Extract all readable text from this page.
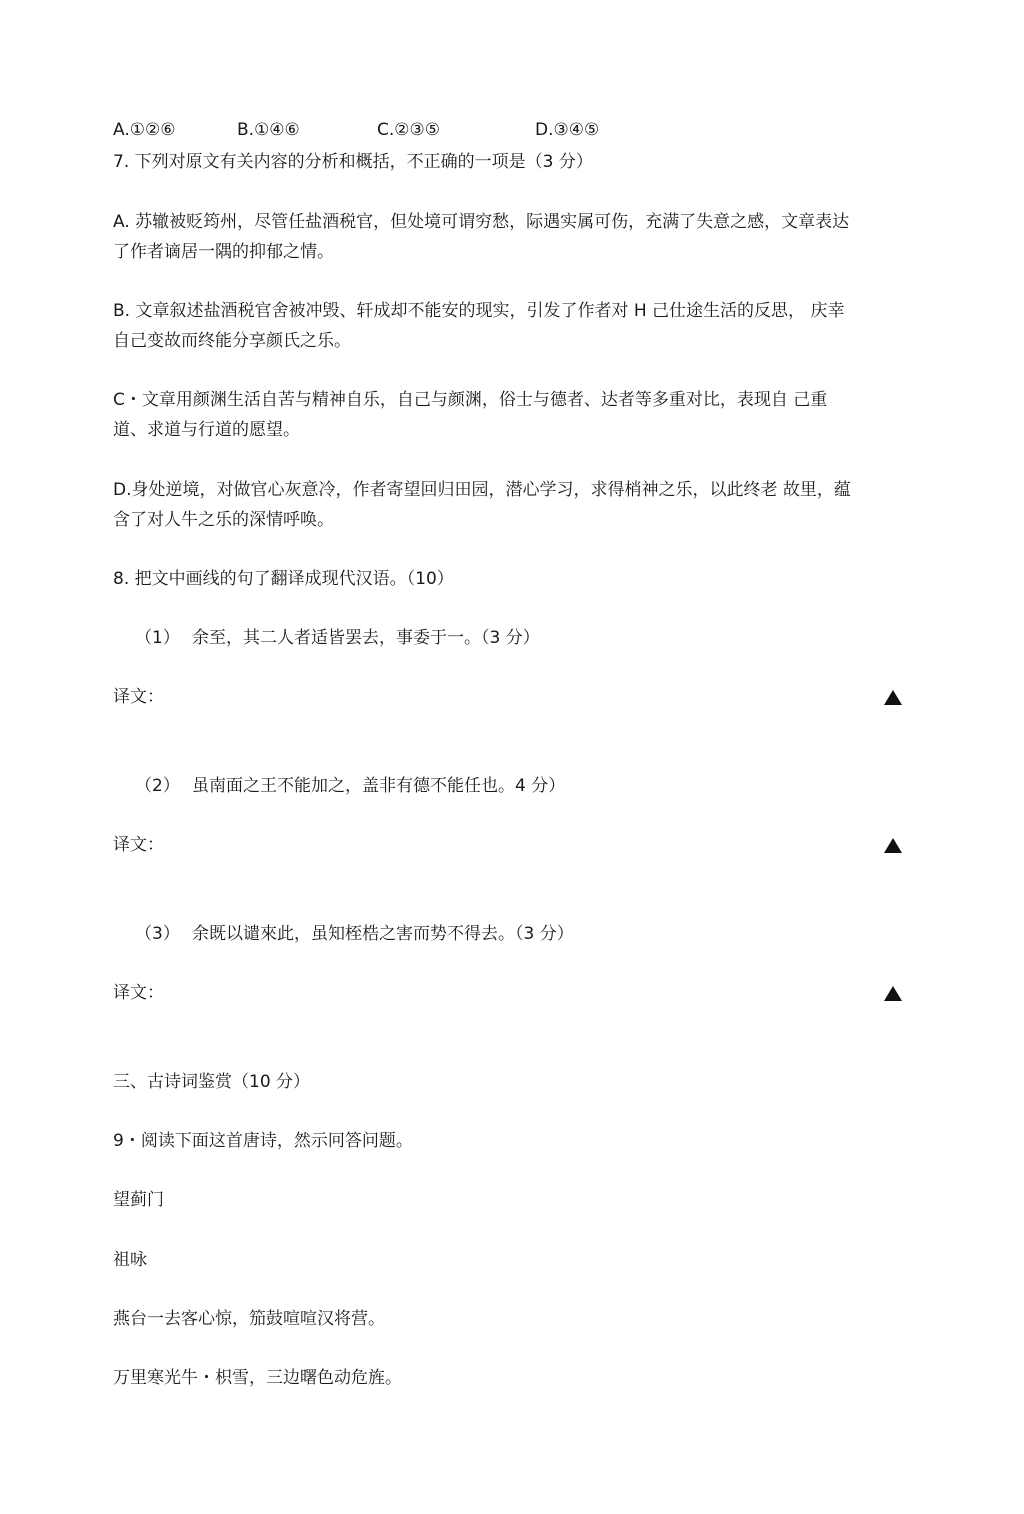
A.①②⑥	B.①④⑥	C.②③⑤	D.③④⑤
7. 下列对原文有关内容的分析和概括，不正确的一项是（3 分）
A. 苏辙被贬筠州，尽管任盐酒税官，但处境可谓穷愁，际遇实属可伤，充满了失意之感，文章表达
了作者谪居一隅的抑郁之情。
B. 文章叙述盐酒税官舍被冲毁、轩成却不能安的现实，引发了作者对 H 己仕途生活的反思， 庆幸
自己变故而终能分享颜氏之乐。
C・文章用颜渊生活自苦与精神自乐，自己与颜渊，俗士与德者、达者等多重对比，表现自 己重
道、求道与行道的愿望。
D.身处逆境，对做官心灰意冷，作者寄望回归田园，潜心学习，求得梢神之乐，以此终老 故里，蕴
含了对人牛之乐的深情呼唤。
8. 把文中画线的句了翻译成现代汉语。（10）
（1） 余至，其二人者适皆罢去，事委于一。（3 分）
译文：
（2） 虽南面之王不能加之，盖非有德不能任也。4 分）
译文：
（3） 余既以谴來此，虽知桎梏之害而势不得去。（3 分）
译文：
三、古诗词鉴赏（10 分）
9・阅读下面这首唐诗，然示冋答问题。
望蓟门
祖咏
燕台一去客心惊，笳鼓喧喧汉将营。
万里寒光牛・枳雪，三边曙色动危旌。
